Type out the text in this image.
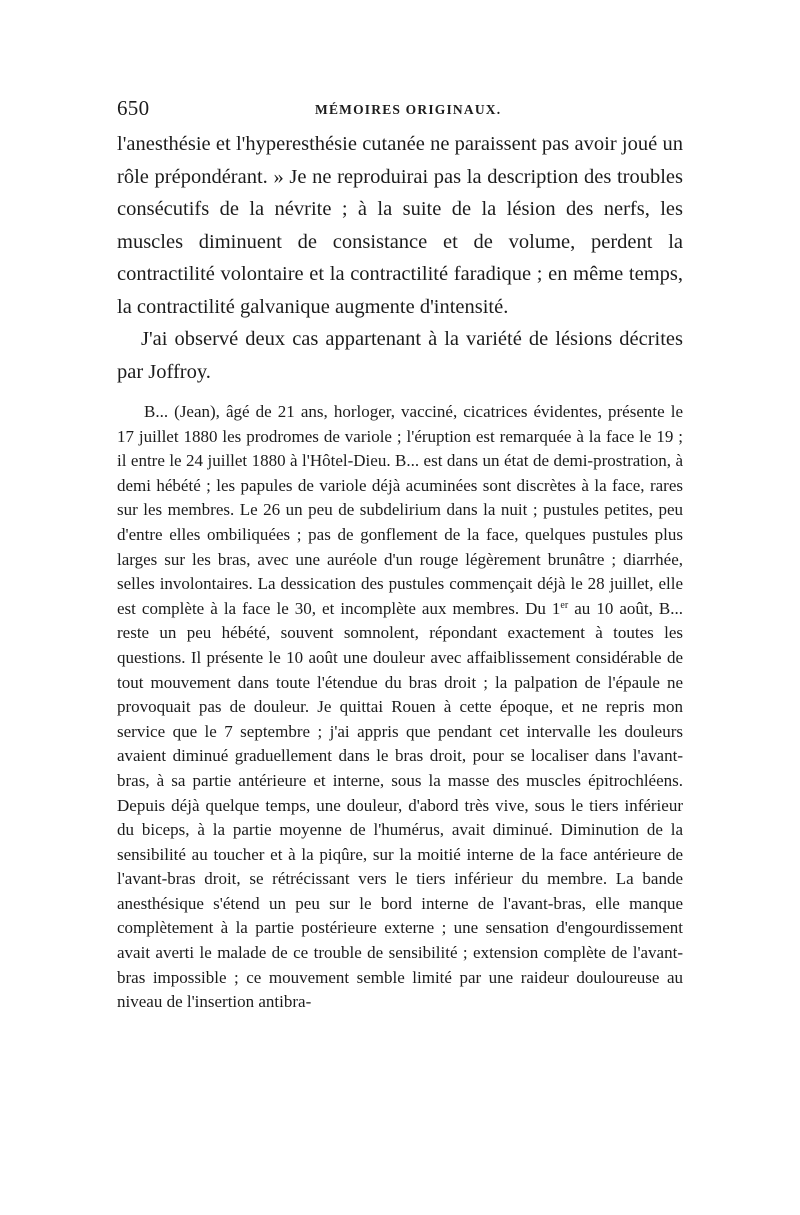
650	MÉMOIRES ORIGINAUX.

l'anesthésie et l'hyperesthésie cutanée ne paraissent pas avoir joué un rôle prépondérant. » Je ne reproduirai pas la description des troubles consécutifs de la névrite ; à la suite de la lésion des nerfs, les muscles diminuent de consistance et de volume, perdent la contractilité volontaire et la contractilité faradique ; en même temps, la contractilité galvanique augmente d'intensité.

J'ai observé deux cas appartenant à la variété de lésions décrites par Joffroy.

B... (Jean), âgé de 21 ans, horloger, vacciné, cicatrices évidentes, présente le 17 juillet 1880 les prodromes de variole ; l'éruption est remarquée à la face le 19 ; il entre le 24 juillet 1880 à l'Hôtel-Dieu. B... est dans un état de demi-prostration, à demi hébété ; les papules de variole déjà acuminées sont discrètes à la face, rares sur les membres. Le 26 un peu de subdelirium dans la nuit ; pustules petites, peu d'entre elles ombiliquées ; pas de gonflement de la face, quelques pustules plus larges sur les bras, avec une auréole d'un rouge légèrement brunâtre ; diarrhée, selles involontaires. La dessication des pustules commençait déjà le 28 juillet, elle est complète à la face le 30, et incomplète aux membres. Du 1er au 10 août, B... reste un peu hébété, souvent somnolent, répondant exactement à toutes les questions. Il présente le 10 août une douleur avec affaiblissement considérable de tout mouvement dans toute l'étendue du bras droit ; la palpation de l'épaule ne provoquait pas de douleur. Je quittai Rouen à cette époque, et ne repris mon service que le 7 septembre ; j'ai appris que pendant cet intervalle les douleurs avaient diminué graduellement dans le bras droit, pour se localiser dans l'avant-bras, à sa partie antérieure et interne, sous la masse des muscles épitrochléens. Depuis déjà quelque temps, une douleur, d'abord très vive, sous le tiers inférieur du biceps, à la partie moyenne de l'humérus, avait diminué. Diminution de la sensibilité au toucher et à la piqûre, sur la moitié interne de la face antérieure de l'avant-bras droit, se rétrécissant vers le tiers inférieur du membre. La bande anesthésique s'étend un peu sur le bord interne de l'avant-bras, elle manque complètement à la partie postérieure externe ; une sensation d'engourdissement avait averti le malade de ce trouble de sensibilité ; extension complète de l'avant-bras impossible ; ce mouvement semble limité par une raideur douloureuse au niveau de l'insertion antibra-
